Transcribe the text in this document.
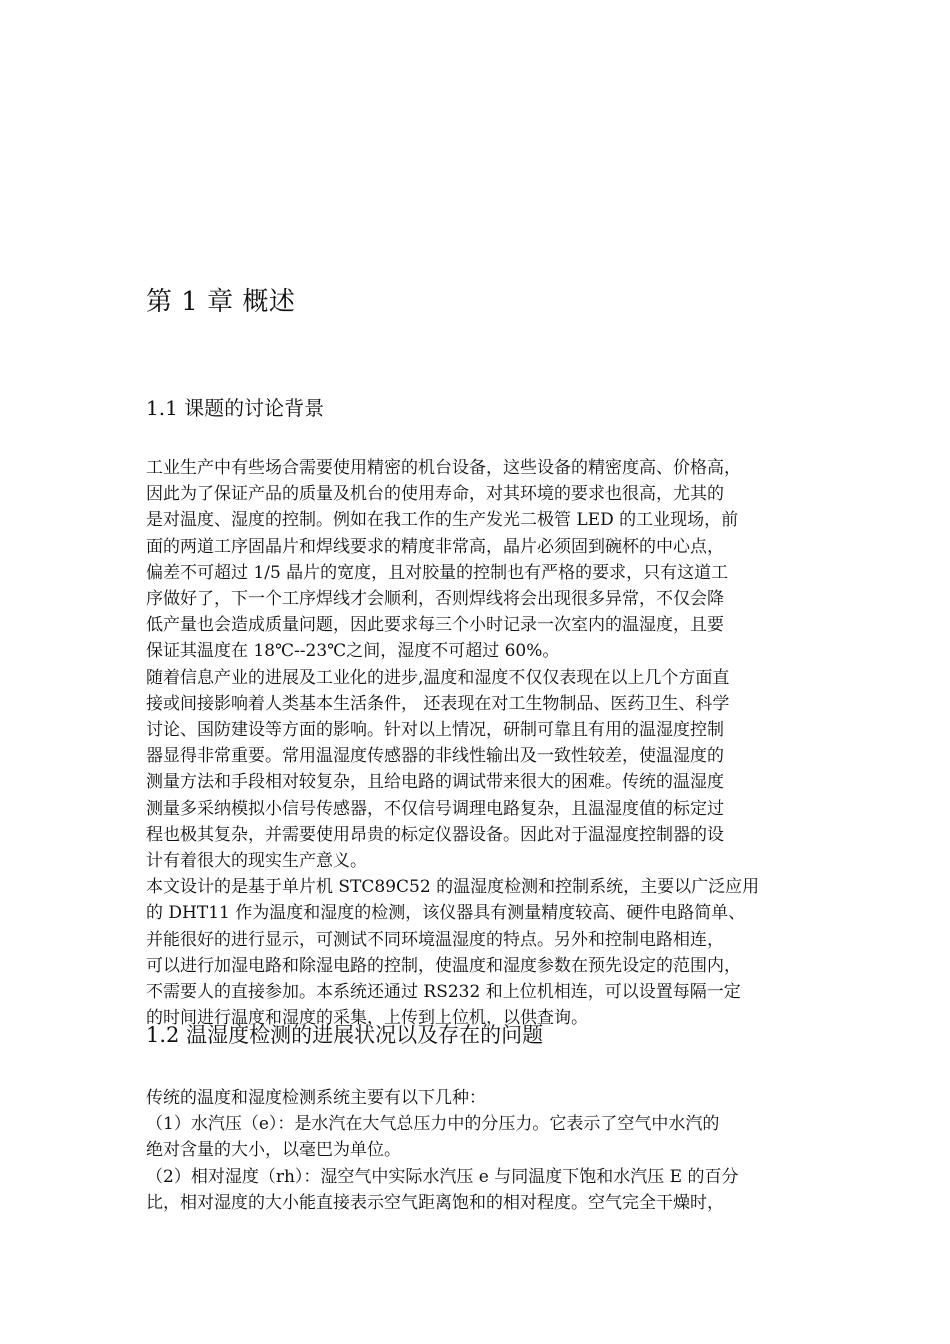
第 1 章 概述
1.1 课题的讨论背景

工业生产中有些场合需要使用精密的机台设备，这些设备的精密度高、价格高，

因此为了保证产品的质量及机台的使用寿命，对其环境的要求也很高，尤其的

是对温度、湿度的控制。例如在我工作的生产发光二极管 LED 的工业现场，前

面的两道工序固晶片和焊线要求的精度非常高，晶片必须固到碗杯的中心点，

偏差不可超过 1/5 晶片的宽度，且对胶量的控制也有严格的要求，只有这道工

序做好了，下一个工序焊线才会顺利，否则焊线将会出现很多异常，不仅会降

低产量也会造成质量问题，因此要求每三个小时记录一次室内的温湿度，且要

保证其温度在 18℃--23℃之间，湿度不可超过 60%。

随着信息产业的进展及工业化的进步,温度和湿度不仅仅表现在以上几个方面直

接或间接影响着人类基本生活条件， 还表现在对工生物制品、医药卫生、科学

讨论、国防建设等方面的影响。针对以上情况，研制可靠且有用的温湿度控制

器显得非常重要。常用温湿度传感器的非线性输出及一致性较差，使温湿度的

测量方法和手段相对较复杂，且给电路的调试带来很大的困难。传统的温湿度

测量多采纳模拟小信号传感器，不仅信号调理电路复杂，且温湿度值的标定过

程也极其复杂，并需要使用昂贵的标定仪器设备。因此对于温湿度控制器的设

计有着很大的现实生产意义。

本文设计的是基于单片机 STC89C52 的温湿度检测和控制系统，主要以广泛应用

的 DHT11 作为温度和湿度的检测，该仪器具有测量精度较高、硬件电路简单、

并能很好的进行显示，可测试不同环境温湿度的特点。另外和控制电路相连，

可以进行加湿电路和除湿电路的控制，使温度和湿度参数在预先设定的范围内，

不需要人的直接参加。本系统还通过 RS232 和上位机相连，可以设置每隔一定

的时间进行温度和湿度的采集，上传到上位机，以供查询。

1.2 温湿度检测的进展状况以及存在的问题

传统的温度和湿度检测系统主要有以下几种：

（1）水汽压（e）：是水汽在大气总压力中的分压力。它表示了空气中水汽的

绝对含量的大小，以毫巴为单位。

（2）相对湿度（rh）：湿空气中实际水汽压 e 与同温度下饱和水汽压 E 的百分

比，相对湿度的大小能直接表示空气距离饱和的相对程度。空气完全干燥时，
